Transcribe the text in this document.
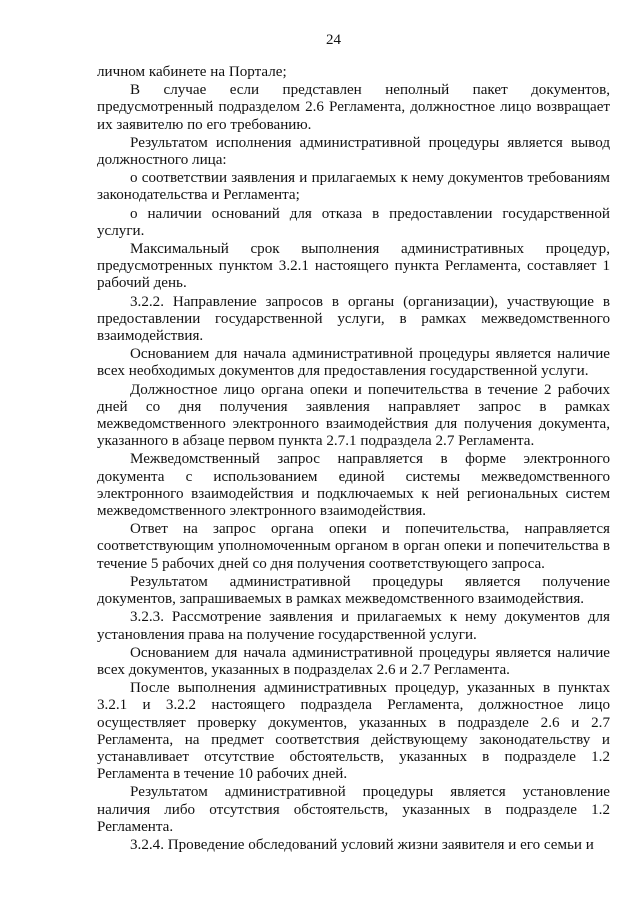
24

личном кабинете на Портале;

В случае если представлен неполный пакет документов, предусмотренный подразделом 2.6 Регламента, должностное лицо возвращает их заявителю по его требованию.

Результатом исполнения административной процедуры является вывод должностного лица:

о соответствии заявления и прилагаемых к нему документов требованиям законодательства и Регламента;

о наличии оснований для отказа в предоставлении государственной услуги.

Максимальный срок выполнения административных процедур, предусмотренных пунктом 3.2.1 настоящего пункта Регламента, составляет 1 рабочий день.

3.2.2. Направление запросов в органы (организации), участвующие в предоставлении государственной услуги, в рамках межведомственного взаимодействия.

Основанием для начала административной процедуры является наличие всех необходимых документов для предоставления государственной услуги.

Должностное лицо органа опеки и попечительства в течение 2 рабочих дней со дня получения заявления направляет запрос в рамках межведомственного электронного взаимодействия для получения документа, указанного в абзаце первом пункта 2.7.1 подраздела 2.7 Регламента.

Межведомственный запрос направляется в форме электронного документа с использованием единой системы межведомственного электронного взаимодействия и подключаемых к ней региональных систем межведомственного электронного взаимодействия.

Ответ на запрос органа опеки и попечительства, направляется соответствующим уполномоченным органом в орган опеки и попечительства в течение 5 рабочих дней со дня получения соответствующего запроса.

Результатом административной процедуры является получение документов, запрашиваемых в рамках межведомственного взаимодействия.

3.2.3. Рассмотрение заявления и прилагаемых к нему документов для установления права на получение государственной услуги.

Основанием для начала административной процедуры является наличие всех документов, указанных в подразделах 2.6 и 2.7 Регламента.

После выполнения административных процедур, указанных в пунктах 3.2.1 и 3.2.2 настоящего подраздела Регламента, должностное лицо осуществляет проверку документов, указанных в подразделе 2.6 и 2.7 Регламента, на предмет соответствия действующему законодательству и устанавливает отсутствие обстоятельств, указанных в подразделе 1.2 Регламента в течение 10 рабочих дней.

Результатом административной процедуры является установление наличия либо отсутствия обстоятельств, указанных в подразделе 1.2 Регламента.

3.2.4. Проведение обследований условий жизни заявителя и его семьи и
